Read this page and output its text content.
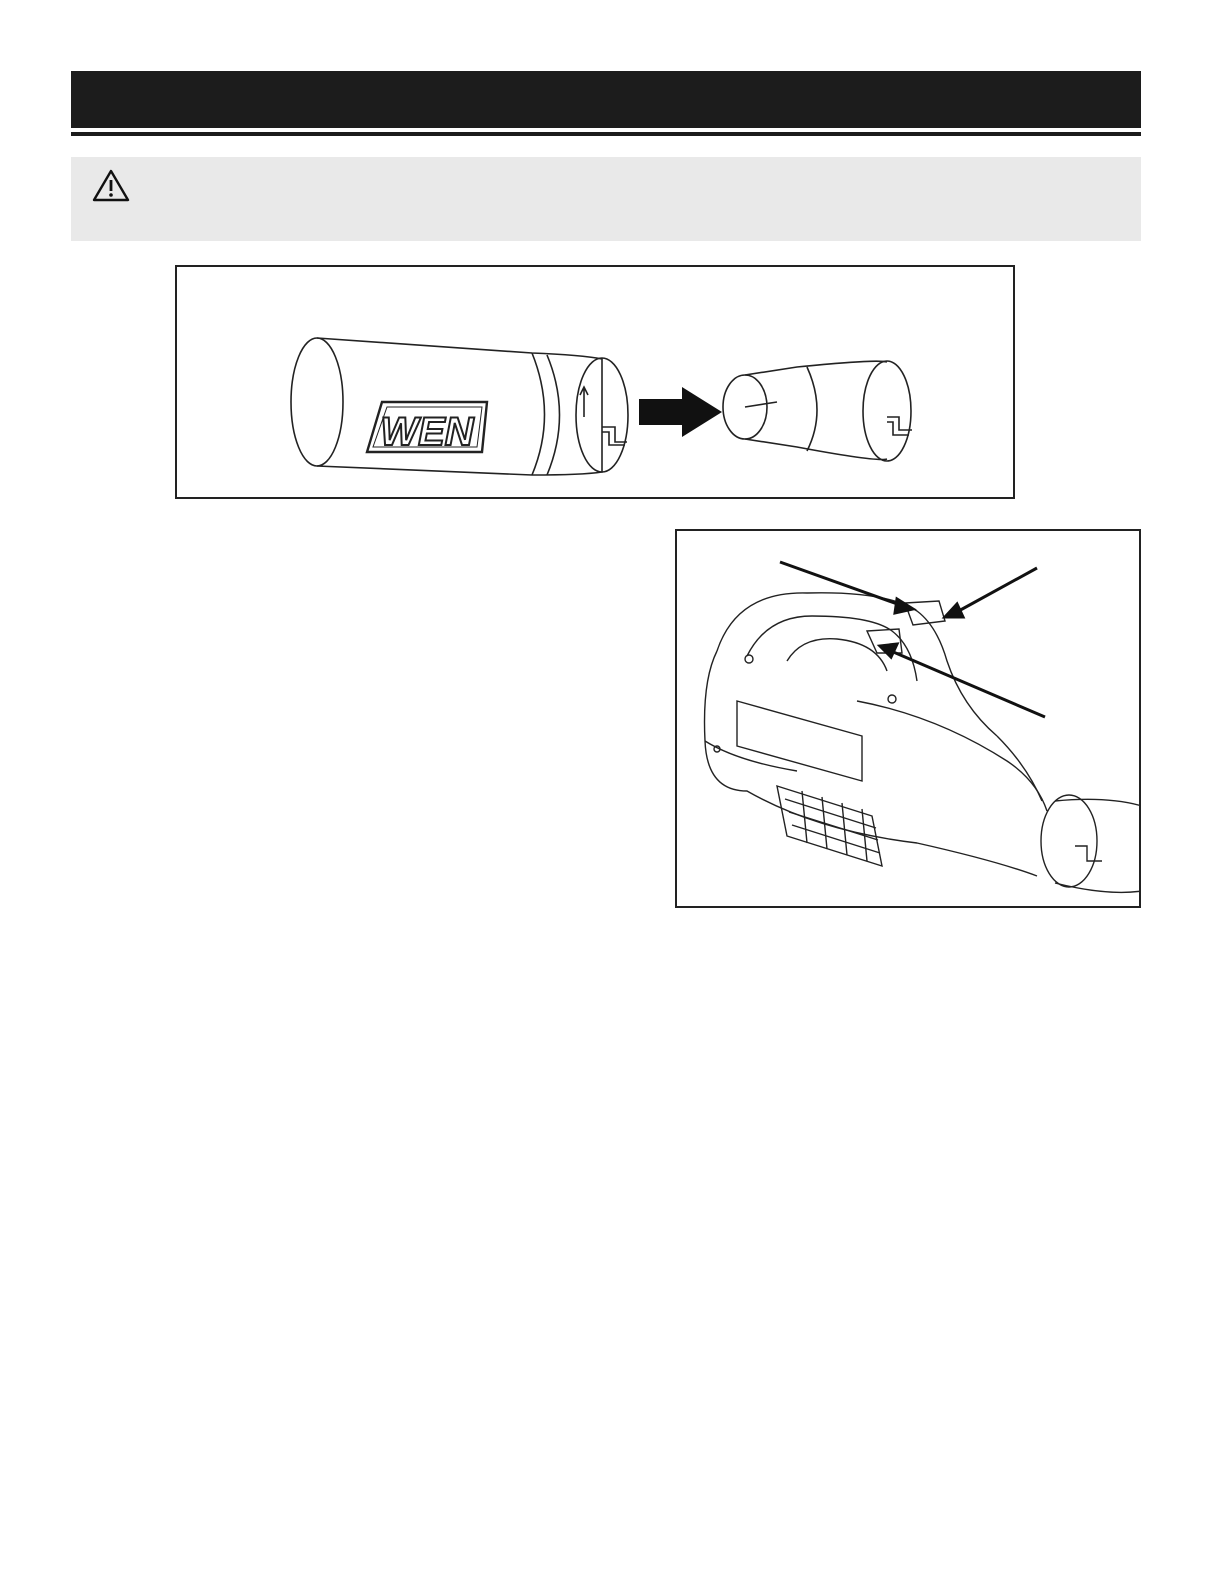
WEN
